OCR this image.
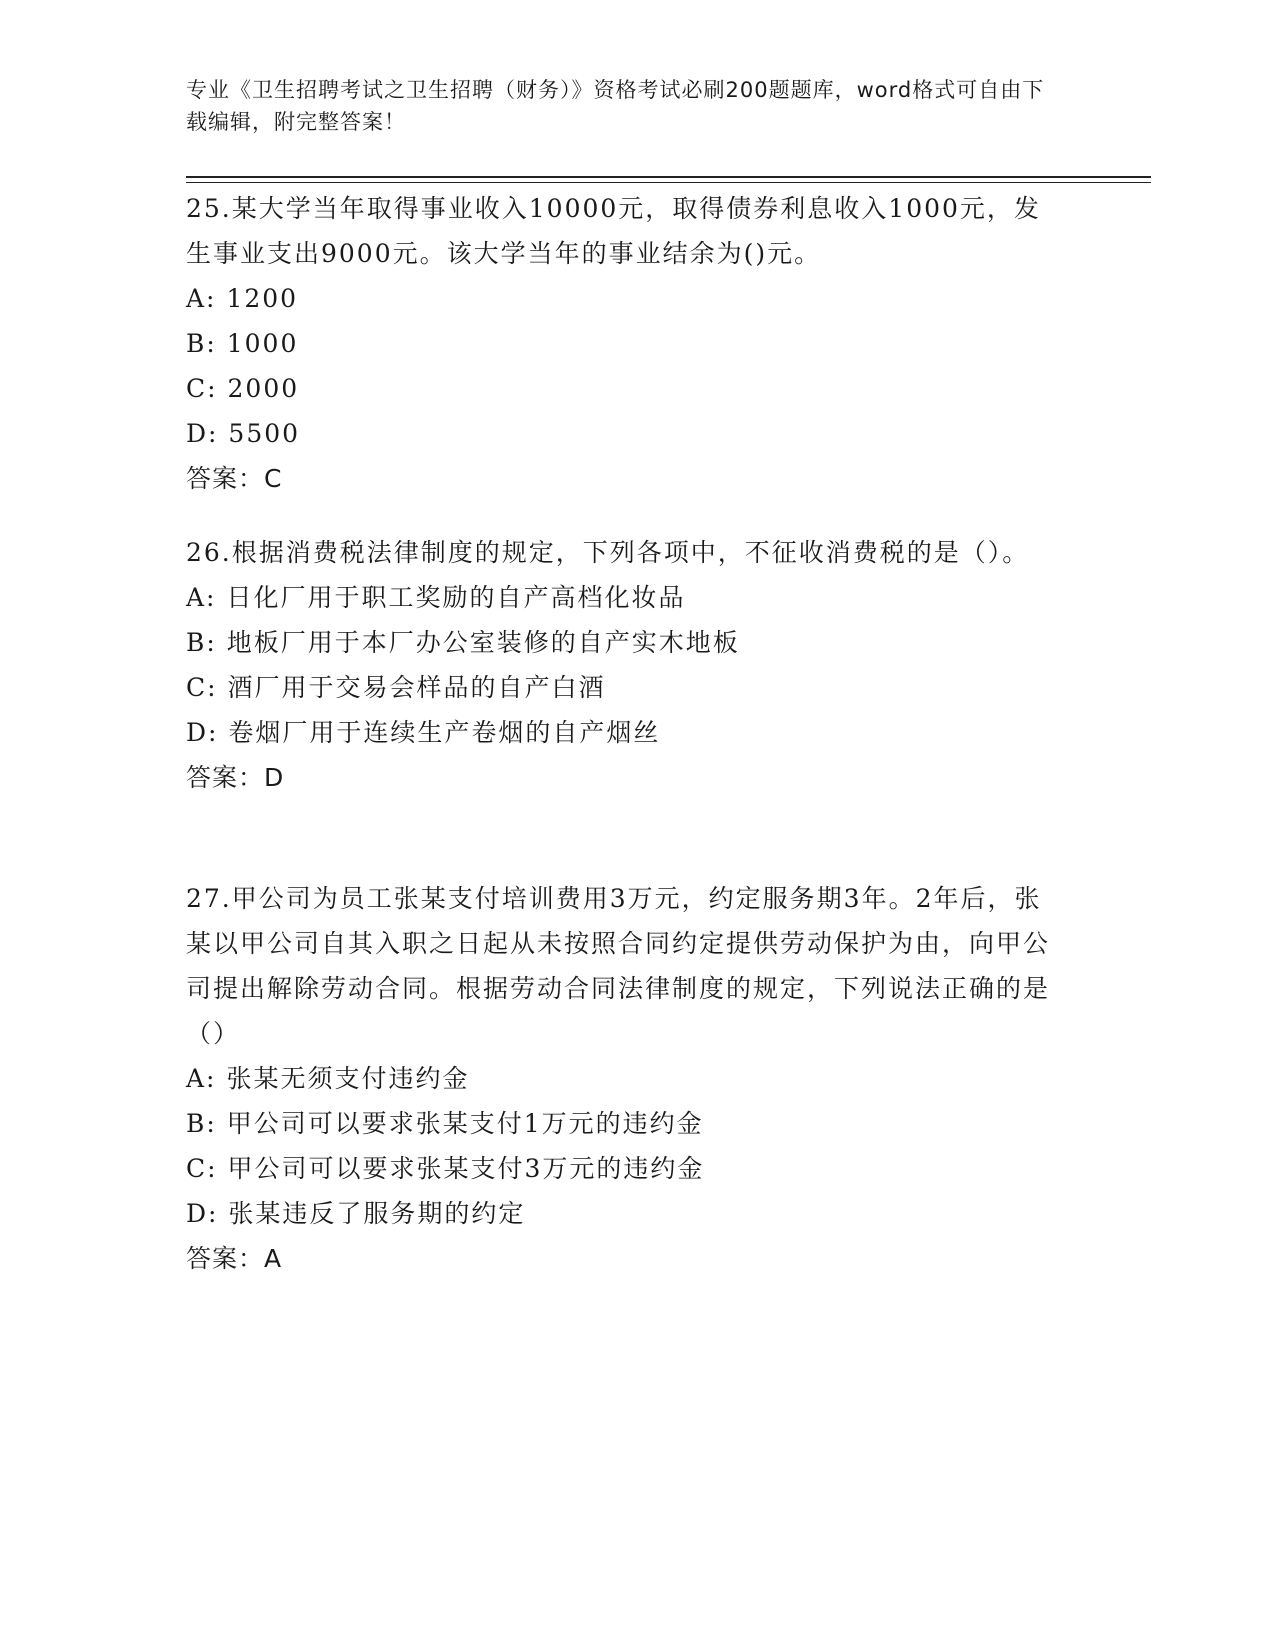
专业《卫生招聘考试之卫生招聘（财务）》资格考试必刷200题题库，word格式可自由下载编辑，附完整答案！

25.某大学当年取得事业收入10000元，取得债券利息收入1000元，发生事业支出9000元。该大学当年的事业结余为()元。

A: 1200

B: 1000

C: 2000

D: 5500

答案：C

26.根据消费税法律制度的规定，下列各项中，不征收消费税的是（）。

A: 日化厂用于职工奖励的自产高档化妆品

B: 地板厂用于本厂办公室装修的自产实木地板

C: 酒厂用于交易会样品的自产白酒

D: 卷烟厂用于连续生产卷烟的自产烟丝

答案：D

27.甲公司为员工张某支付培训费用3万元，约定服务期3年。2年后，张某以甲公司自其入职之日起从未按照合同约定提供劳动保护为由，向甲公司提出解除劳动合同。根据劳动合同法律制度的规定，下列说法正确的是（）

A: 张某无须支付违约金

B: 甲公司可以要求张某支付1万元的违约金

C: 甲公司可以要求张某支付3万元的违约金

D: 张某违反了服务期的约定

答案：A
